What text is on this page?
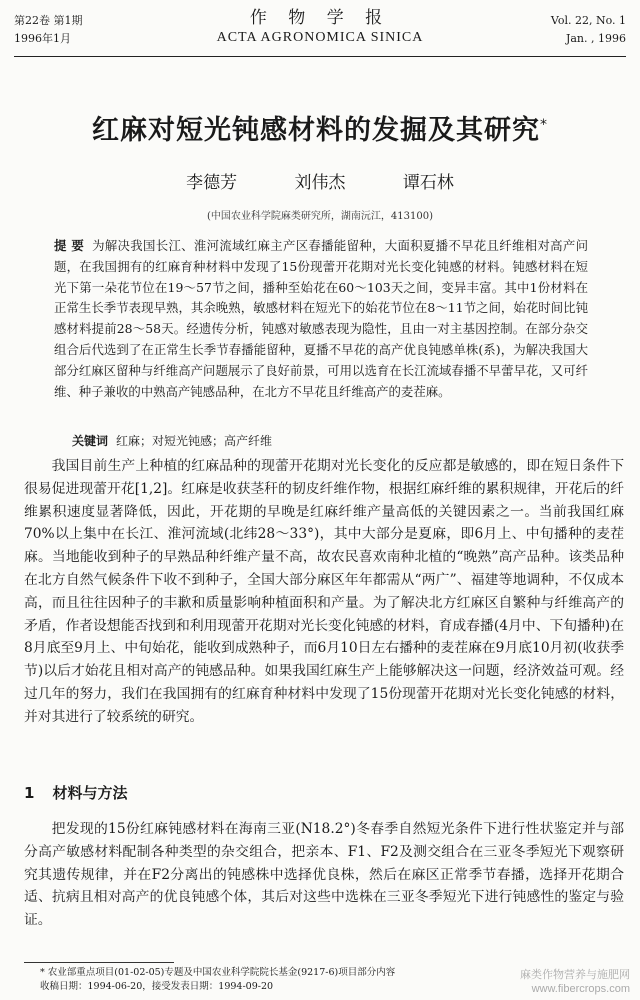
第22卷 第1期
1996年1月
作 物 学 报
ACTA AGRONOMICA SINICA
Vol. 22, No. 1
Jan. , 1996
红麻对短光钝感材料的发掘及其研究*
李德芳	刘伟杰	谭石林
(中国农业科学院麻类研究所，湖南沅江，413100)
提 要 为解决我国长江、淮河流域红麻主产区春播能留种，大面积夏播不早花且纤维相对高产问题，在我国拥有的红麻育种材料中发现了15份现蕾开花期对光长变化钝感的材料。钝感材料在短光下第一朵花节位在19～57节之间，播种至始花在60～103天之间，变异丰富。其中1份材料在正常生长季节表现早熟，其余晚熟，敏感材料在短光下的始花节位在8～11节之间，始花时间比钝感材料提前28～58天。经遗传分析，钝感对敏感表现为隐性，且由一对主基因控制。在部分杂交组合后代选到了在正常生长季节春播能留种，夏播不早花的高产优良钝感单株(系)，为解决我国大部分红麻区留种与纤维高产问题展示了良好前景，可用以选育在长江流域春播不早蕾早花，又可纤维、种子兼收的中熟高产钝感品种，在北方不早花且纤维高产的麦茬麻。
关键词 红麻；对短光钝感；高产纤维
我国目前生产上种植的红麻品种的现蕾开花期对光长变化的反应都是敏感的，即在短日条件下很易促进现蕾开花[1,2]。红麻是收获茎秆的韧皮纤维作物，根据红麻纤维的累积规律，开花后的纤维累积速度显著降低，因此，开花期的早晚是红麻纤维产量高低的关键因素之一。当前我国红麻70%以上集中在长江、淮河流域(北纬28～33°)，其中大部分是夏麻，即6月上、中旬播种的麦茬麻。当地能收到种子的早熟品种纤维产量不高，故农民喜欢南种北植的“晚熟”高产品种。该类品种在北方自然气候条件下收不到种子，全国大部分麻区年年都需从“两广”、福建等地调种，不仅成本高，而且往往因种子的丰歉和质量影响种植面积和产量。为了解决北方红麻区自繁种与纤维高产的矛盾，作者设想能否找到和利用现蕾开花期对光长变化钝感的材料，育成春播(4月中、下旬播种)在8月底至9月上、中旬始花，能收到成熟种子，而6月10日左右播种的麦茬麻在9月底10月初(收获季节)以后才始花且相对高产的钝感品种。如果我国红麻生产上能够解决这一问题，经济效益可观。经过几年的努力，我们在我国拥有的红麻育种材料中发现了15份现蕾开花期对光长变化钝感的材料，并对其进行了较系统的研究。
1 材料与方法
把发现的15份红麻钝感材料在海南三亚(N18.2°)冬春季自然短光条件下进行性状鉴定并与部分高产敏感材料配制各种类型的杂交组合，把亲本、F1、F2及测交组合在三亚冬季短光下观察研究其遗传规律，并在F2分离出的钝感株中选择优良株，然后在麻区正常季节春播，选择开花期合适、抗病且相对高产的优良钝感个体，其后对这些中选株在三亚冬季短光下进行钝感性的鉴定与验证。
* 农业部重点项目(01-02-05)专题及中国农业科学院院长基金(9217-6)项目部分内容
收稿日期：1994-06-20，接受发表日期：1994-09-20
麻类作物营养与施肥网
www.fibercrops.com
